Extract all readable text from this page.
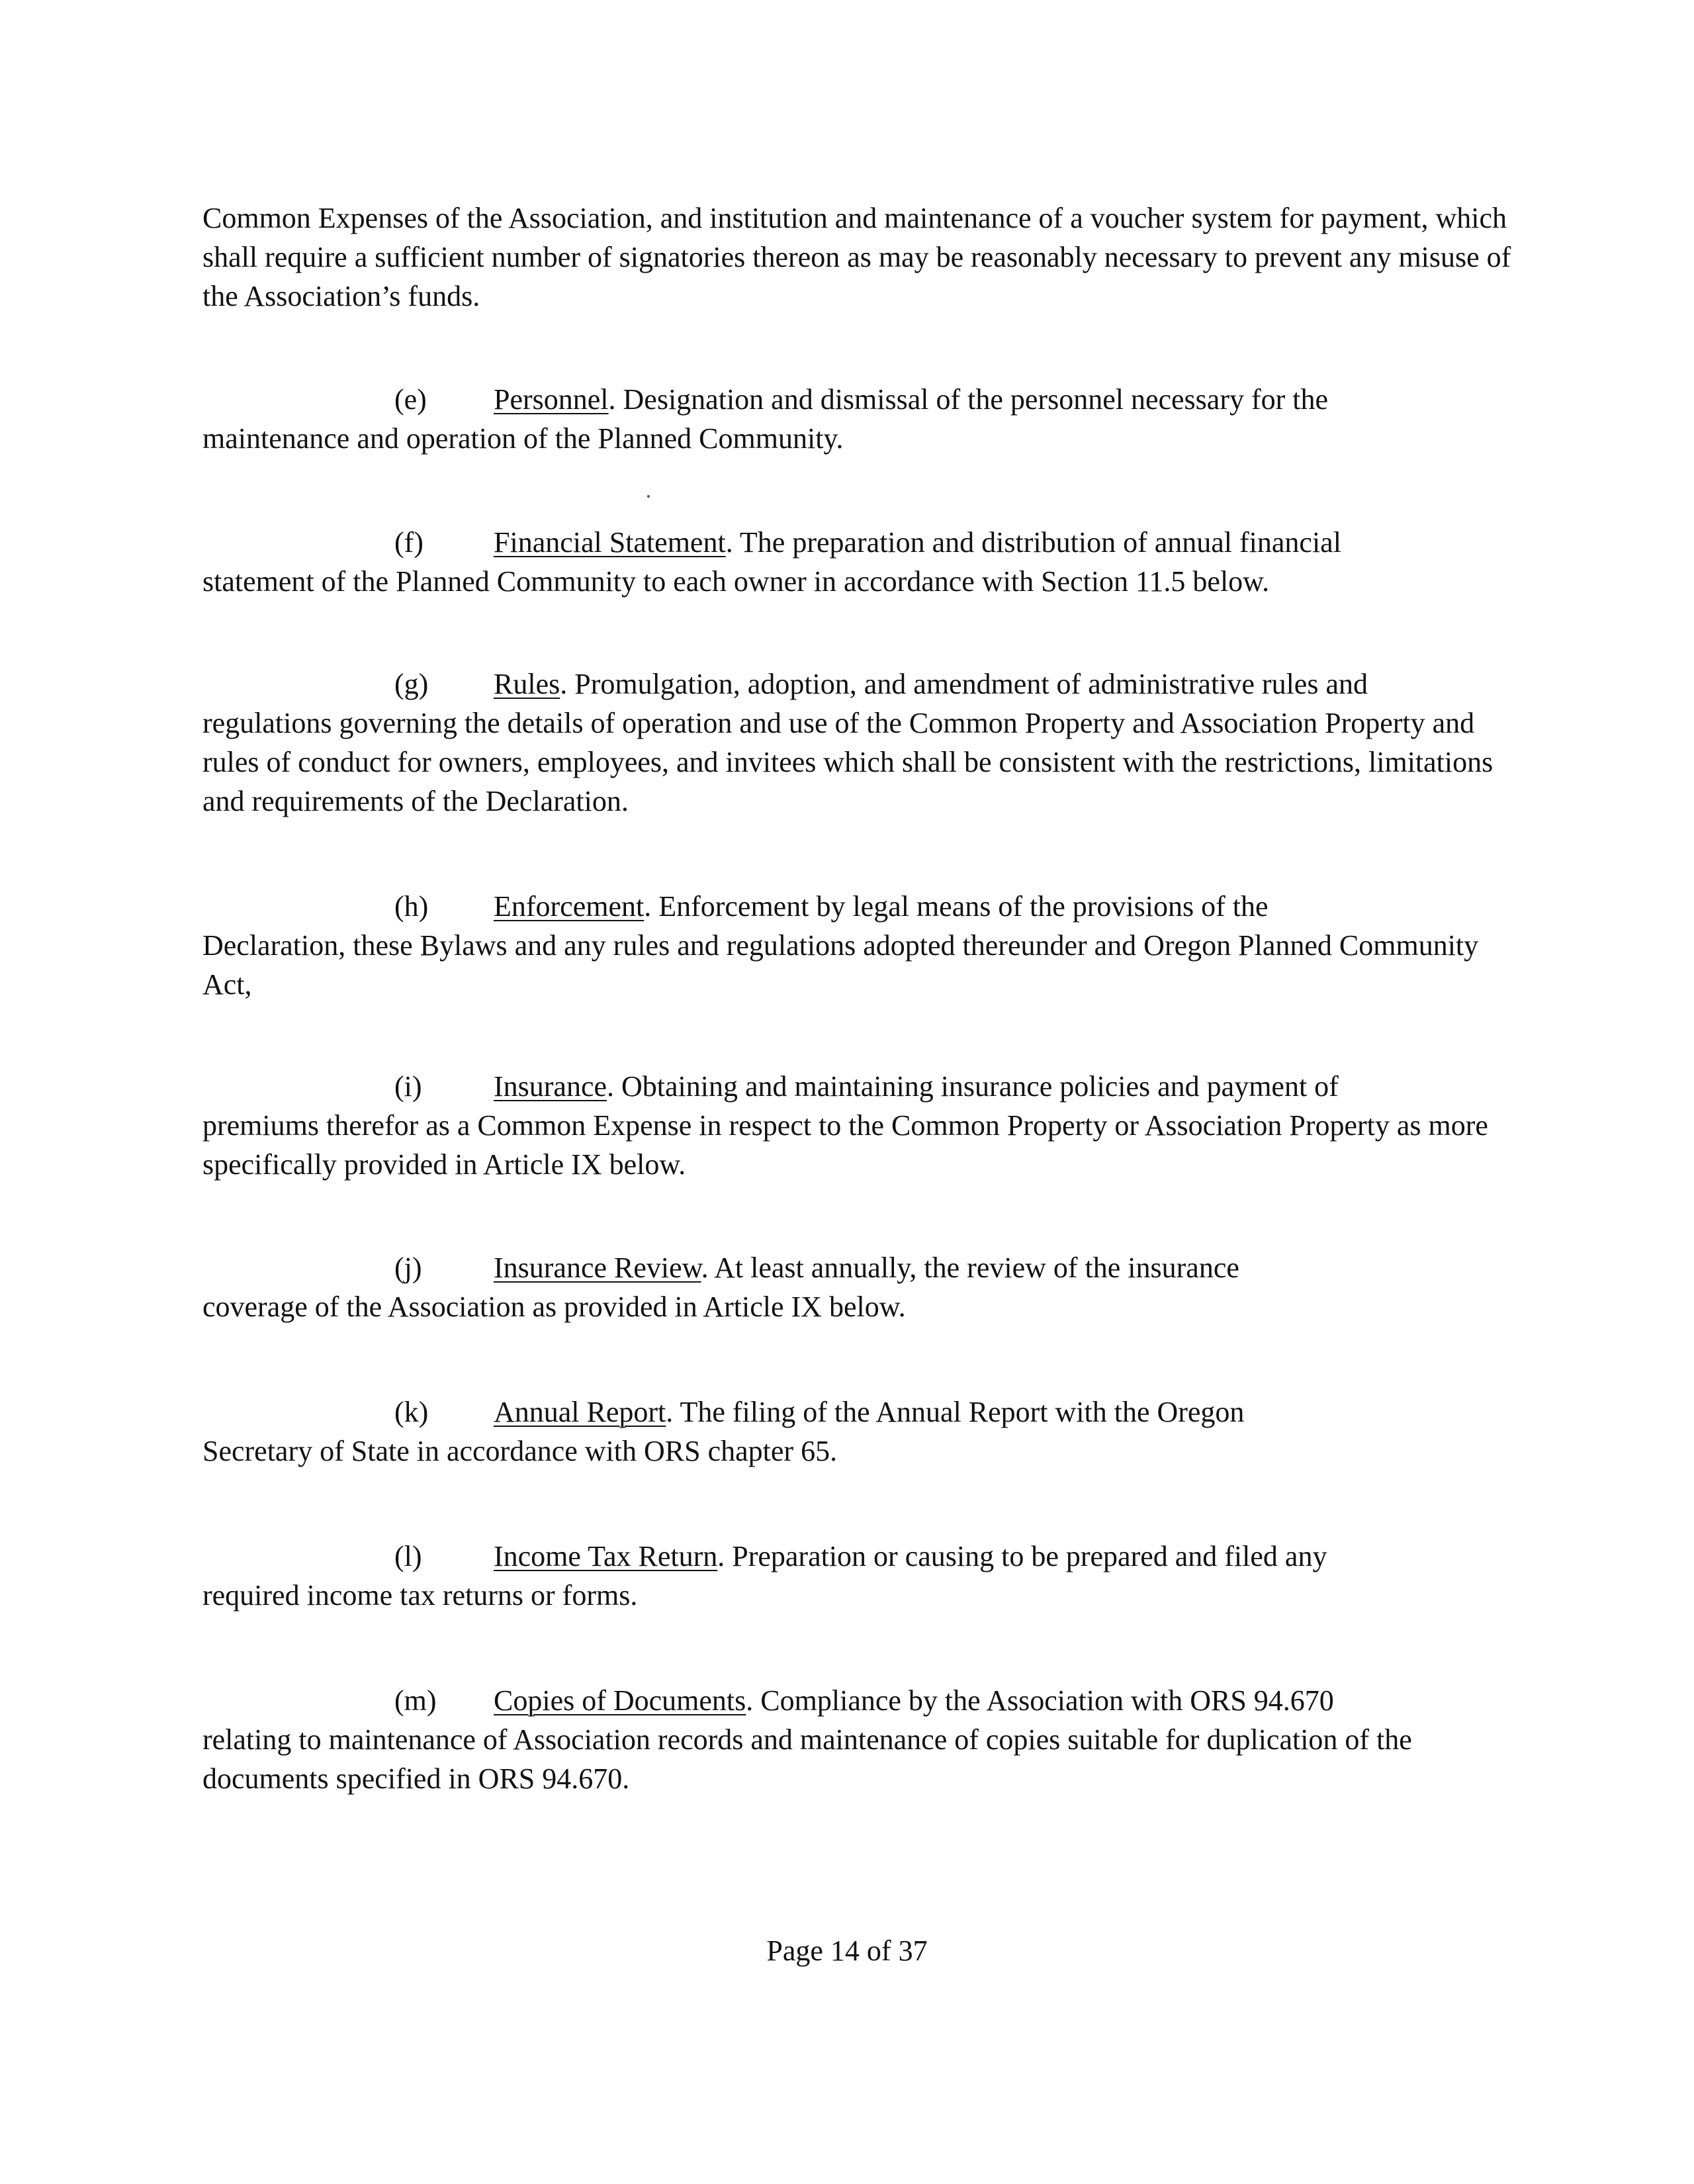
Common Expenses of the Association, and institution and maintenance of a voucher system for payment, which shall require a sufficient number of signatories thereon as may be reasonably necessary to prevent any misuse of the Association’s funds.

(e) Personnel. Designation and dismissal of the personnel necessary for the
maintenance and operation of the Planned Community.

(f) Financial Statement. The preparation and distribution of annual financial
statement of the Planned Community to each owner in accordance with Section 11.5 below.

(g) Rules. Promulgation, adoption, and amendment of administrative rules and
regulations governing the details of operation and use of the Common Property and Association Property and rules of conduct for owners, employees, and invitees which shall be consistent with the restrictions, limitations and requirements of the Declaration.

(h) Enforcement. Enforcement by legal means of the provisions of the
Declaration, these Bylaws and any rules and regulations adopted thereunder and Oregon Planned Community Act,

(i) Insurance. Obtaining and maintaining insurance policies and payment of
premiums therefor as a Common Expense in respect to the Common Property or Association Property as more specifically provided in Article IX below.

(j) Insurance Review. At least annually, the review of the insurance
coverage of the Association as provided in Article IX below.

(k) Annual Report. The filing of the Annual Report with the Oregon
Secretary of State in accordance with ORS chapter 65.

(l) Income Tax Return. Preparation or causing to be prepared and filed any
required income tax returns or forms.

(m) Copies of Documents. Compliance by the Association with ORS 94.670
relating to maintenance of Association records and maintenance of copies suitable for duplication of the documents specified in ORS 94.670.

Page 14 of 37
